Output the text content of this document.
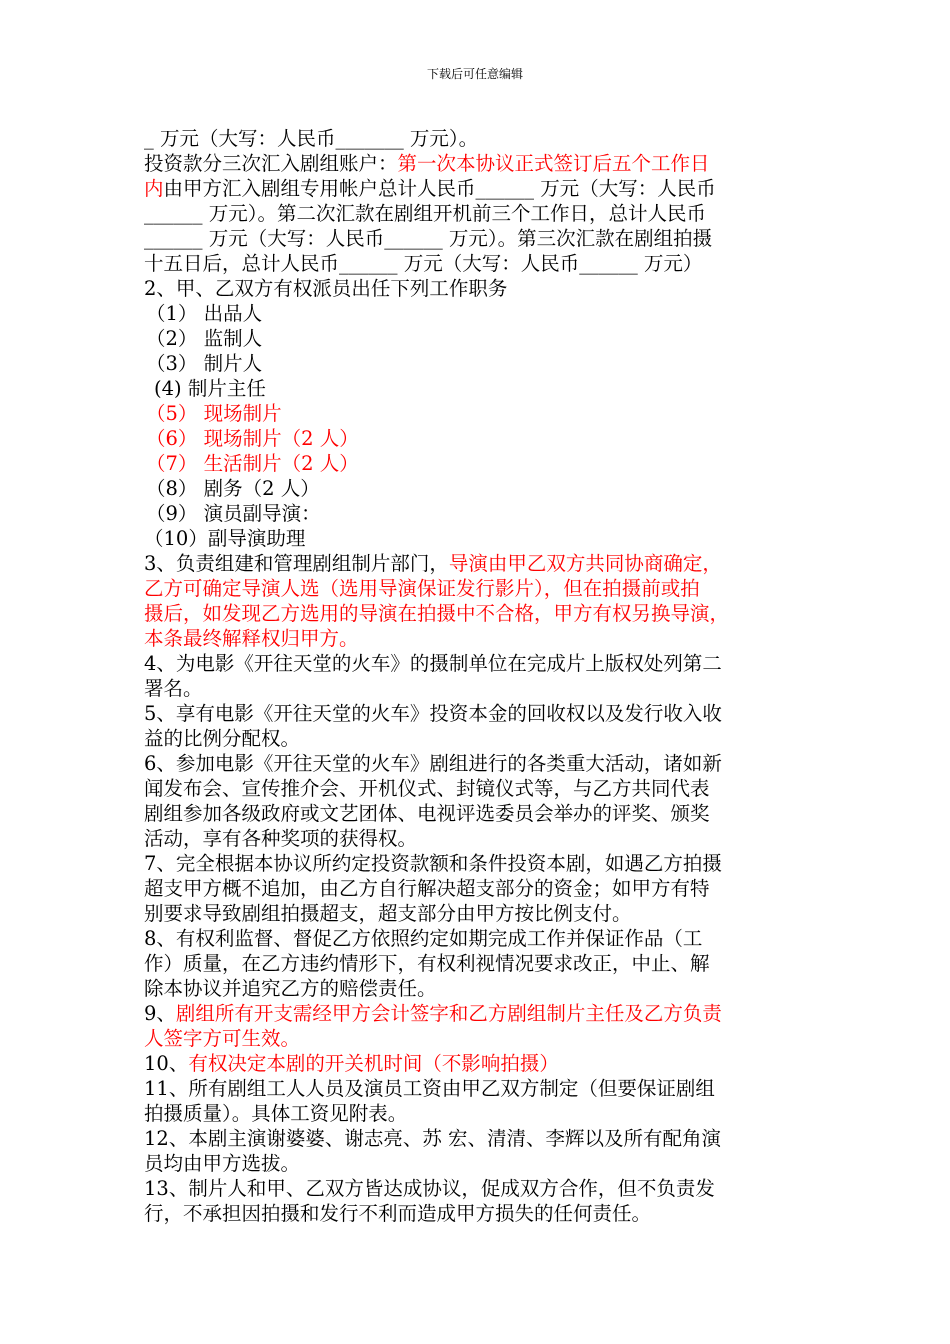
下载后可任意编辑
_ 万元（大写：人民币_______ 万元）。
投资款分三次汇入剧组账户：第一次本协议正式签订后五个工作日
内由甲方汇入剧组专用帐户总计人民币______ 万元（大写：人民币
______ 万元）。第二次汇款在剧组开机前三个工作日，总计人民币
______ 万元（大写：人民币______ 万元）。第三次汇款在剧组拍摄
十五日后，总计人民币______ 万元（大写：人民币______ 万元）
2、甲、乙双方有权派员出任下列工作职务
（1） 出品人
（2） 监制人
（3） 制片人
(4) 制片主任
（5） 现场制片
（6） 现场制片（2 人）
（7） 生活制片（2 人）
（8） 剧务（2 人）
（9） 演员副导演：
（10）副导演助理
3、负责组建和管理剧组制片部门，导演由甲乙双方共同协商确定，
乙方可确定导演人选（选用导演保证发行影片），但在拍摄前或拍
摄后，如发现乙方选用的导演在拍摄中不合格，甲方有权另换导演，
本条最终解释权归甲方。
4、为电影《开往天堂的火车》的摄制单位在完成片上版权处列第二
署名。
5、享有电影《开往天堂的火车》投资本金的回收权以及发行收入收
益的比例分配权。
6、参加电影《开往天堂的火车》剧组进行的各类重大活动，诸如新
闻发布会、宣传推介会、开机仪式、封镜仪式等，与乙方共同代表
剧组参加各级政府或文艺团体、电视评选委员会举办的评奖、颁奖
活动，享有各种奖项的获得权。
7、完全根据本协议所约定投资款额和条件投资本剧，如遇乙方拍摄
超支甲方概不追加，由乙方自行解决超支部分的资金；如甲方有特
别要求导致剧组拍摄超支，超支部分由甲方按比例支付。
8、有权利监督、督促乙方依照约定如期完成工作并保证作品（工
作）质量，在乙方违约情形下，有权利视情况要求改正，中止、解
除本协议并追究乙方的赔偿责任。
9、剧组所有开支需经甲方会计签字和乙方剧组制片主任及乙方负责
人签字方可生效。
10、有权决定本剧的开关机时间（不影响拍摄）
11、所有剧组工人人员及演员工资由甲乙双方制定（但要保证剧组
拍摄质量）。具体工资见附表。
12、本剧主演谢婆婆、谢志亮、苏 宏、清清、李辉以及所有配角演
员均由甲方选拔。
13、制片人和甲、乙双方皆达成协议，促成双方合作，但不负责发
行，不承担因拍摄和发行不利而造成甲方损失的任何责任。
